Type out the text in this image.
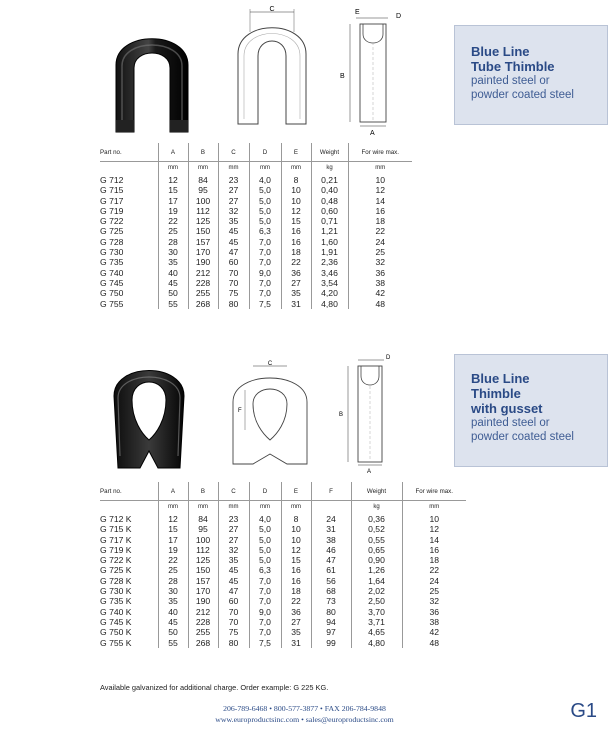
C	E
D
B
A

Blue Line

Tube Thimble

painted steel or

powder coated steel

Part no.	A	B	C	D	E	Weight	For wire max.
	mm	mm	mm	mm	mm	kg	mm
G 712	12	84	23	4,0	8	0,21	10
G 715	15	95	27	5,0	10	0,40	12
G 717	17	100	27	5,0	10	0,48	14
G 719	19	112	32	5,0	12	0,60	16
G 722	22	125	35	5,0	15	0,71	18
G 725	25	150	45	6,3	16	1,21	22
G 728	28	157	45	7,0	16	1,60	24
G 730	30	170	47	7,0	18	1,91	25
G 735	35	190	60	7,0	22	2,36	32
G 740	40	212	70	9,0	36	3,46	36
G 745	45	228	70	7,0	27	3,54	38
G 750	50	255	75	7,0	35	4,20	42
G 755	55	268	80	7,5	31	4,80	48
C
F
D
B
A

Blue Line

Thimble

with gusset

painted steel or

powder coated steel

Part no.	A	B	C	D	E	F	Weight	For wire max.
	mm	mm	mm	mm	mm		kg	mm
G 712 K	12	84	23	4,0	8	24	0,36	10
G 715 K	15	95	27	5,0	10	31	0,52	12
G 717 K	17	100	27	5,0	10	38	0,55	14
G 719 K	19	112	32	5,0	12	46	0,65	16
G 722 K	22	125	35	5,0	15	47	0,90	18
G 725 K	25	150	45	6,3	16	61	1,26	22
G 728 K	28	157	45	7,0	16	56	1,64	24
G 730 K	30	170	47	7,0	18	68	2,02	25
G 735 K	35	190	60	7,0	22	73	2,50	32
G 740 K	40	212	70	9,0	36	80	3,70	36
G 745 K	45	228	70	7,0	27	94	3,71	38
G 750 K	50	255	75	7,0	35	97	4,65	42
G 755 K	55	268	80	7,5	31	99	4,80	48
Available galvanized for additional charge. Order example: G 225 KG.
206-789-6468 • 800-577-3877 • FAX 206-784-9848
www.europroductsinc.com • sales@europroductsinc.com	G1
